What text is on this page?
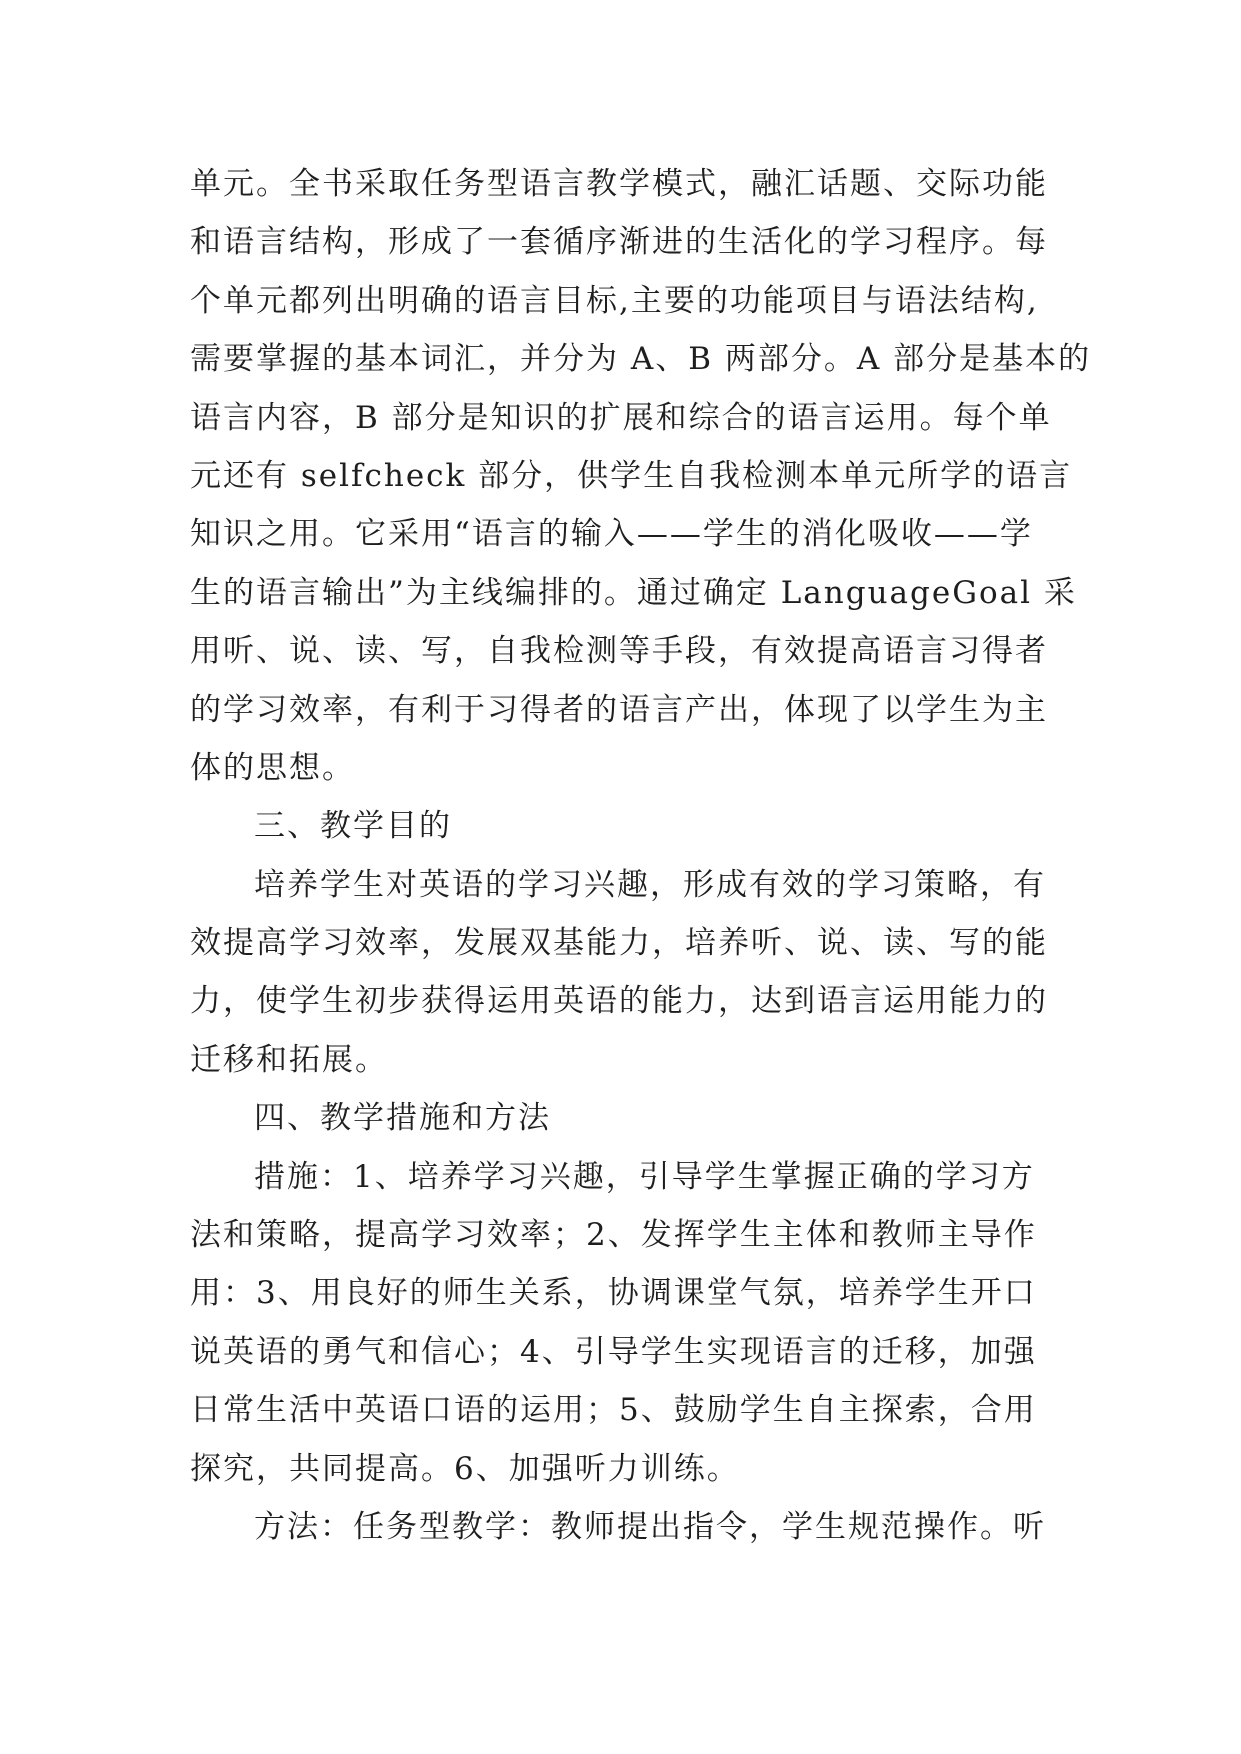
单元。全书采取任务型语言教学模式，融汇话题、交际功能
和语言结构，形成了一套循序渐进的生活化的学习程序。每
个单元都列出明确的语言目标,主要的功能项目与语法结构,
需要掌握的基本词汇，并分为 A、B 两部分。A 部分是基本的
语言内容，B 部分是知识的扩展和综合的语言运用。每个单
元还有 selfcheck 部分，供学生自我检测本单元所学的语言
知识之用。它采用“语言的输入——学生的消化吸收——学
生的语言输出”为主线编排的。通过确定 LanguageGoal 采
用听、说、读、写，自我检测等手段，有效提高语言习得者
的学习效率，有利于习得者的语言产出，体现了以学生为主
体的思想。
三、教学目的
培养学生对英语的学习兴趣，形成有效的学习策略，有
效提高学习效率，发展双基能力，培养听、说、读、写的能
力，使学生初步获得运用英语的能力，达到语言运用能力的
迁移和拓展。
四、教学措施和方法
措施：1、培养学习兴趣，引导学生掌握正确的学习方
法和策略，提高学习效率；2、发挥学生主体和教师主导作
用：3、用良好的师生关系，协调课堂气氛，培养学生开口
说英语的勇气和信心；4、引导学生实现语言的迁移，加强
日常生活中英语口语的运用；5、鼓励学生自主探索，合用
探究，共同提高。6、加强听力训练。
方法：任务型教学：教师提出指令，学生规范操作。听
